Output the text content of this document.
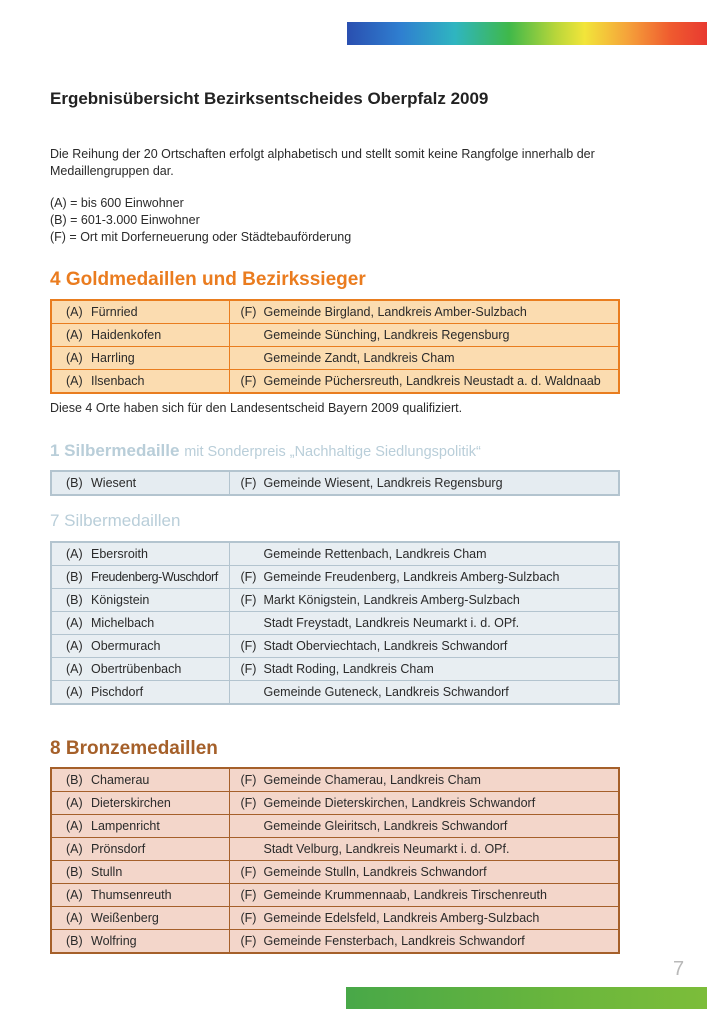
Ergebnisübersicht Bezirksentscheides Oberpfalz 2009

Die Reihung der 20 Ortschaften erfolgt alphabetisch und stellt somit keine Rangfolge innerhalb der Medaillengruppen dar.

(A) = bis 600 Einwohner
(B) = 601-3.000 Einwohner
(F) = Ort mit Dorferneuerung oder Städtebauförderung
4 Goldmedaillen und Bezirkssieger
(A) Fürnried	(F) Gemeinde Birgland, Landkreis Amber-Sulzbach
(A) Haidenkofen	Gemeinde Sünching, Landkreis Regensburg
(A) Harrling	Gemeinde Zandt, Landkreis Cham
(A) Ilsenbach	(F) Gemeinde Püchersreuth, Landkreis Neustadt a. d. Waldnaab
Diese 4 Orte haben sich für den Landesentscheid Bayern 2009 qualifiziert.
1 Silbermedaille mit Sonderpreis „Nachhaltige Siedlungspolitik“
(B) Wiesent	(F) Gemeinde Wiesent, Landkreis Regensburg
7 Silbermedaillen
(A) Ebersroith	Gemeinde Rettenbach, Landkreis Cham
(B) Freudenberg-Wuschdorf	(F) Gemeinde Freudenberg, Landkreis Amberg-Sulzbach
(B) Königstein	(F) Markt Königstein, Landkreis Amberg-Sulzbach
(A) Michelbach	Stadt Freystadt, Landkreis Neumarkt i. d. OPf.
(A) Obermurach	(F) Stadt Oberviechtach, Landkreis Schwandorf
(A) Obertrübenbach	(F) Stadt Roding, Landkreis Cham
(A) Pischdorf	Gemeinde Guteneck, Landkreis Schwandorf
8 Bronzemedaillen
(B) Chamerau	(F) Gemeinde Chamerau, Landkreis Cham
(A) Dieterskirchen	(F) Gemeinde Dieterskirchen, Landkreis Schwandorf
(A) Lampenricht	Gemeinde Gleiritsch, Landkreis Schwandorf
(A) Prönsdorf	Stadt Velburg, Landkreis Neumarkt i. d. OPf.
(B) Stulln	(F) Gemeinde Stulln, Landkreis Schwandorf
(A) Thumsenreuth	(F) Gemeinde Krummennaab, Landkreis Tirschenreuth
(A) Weißenberg	(F) Gemeinde Edelsfeld, Landkreis Amberg-Sulzbach
(B) Wolfring	(F) Gemeinde Fensterbach, Landkreis Schwandorf
7
